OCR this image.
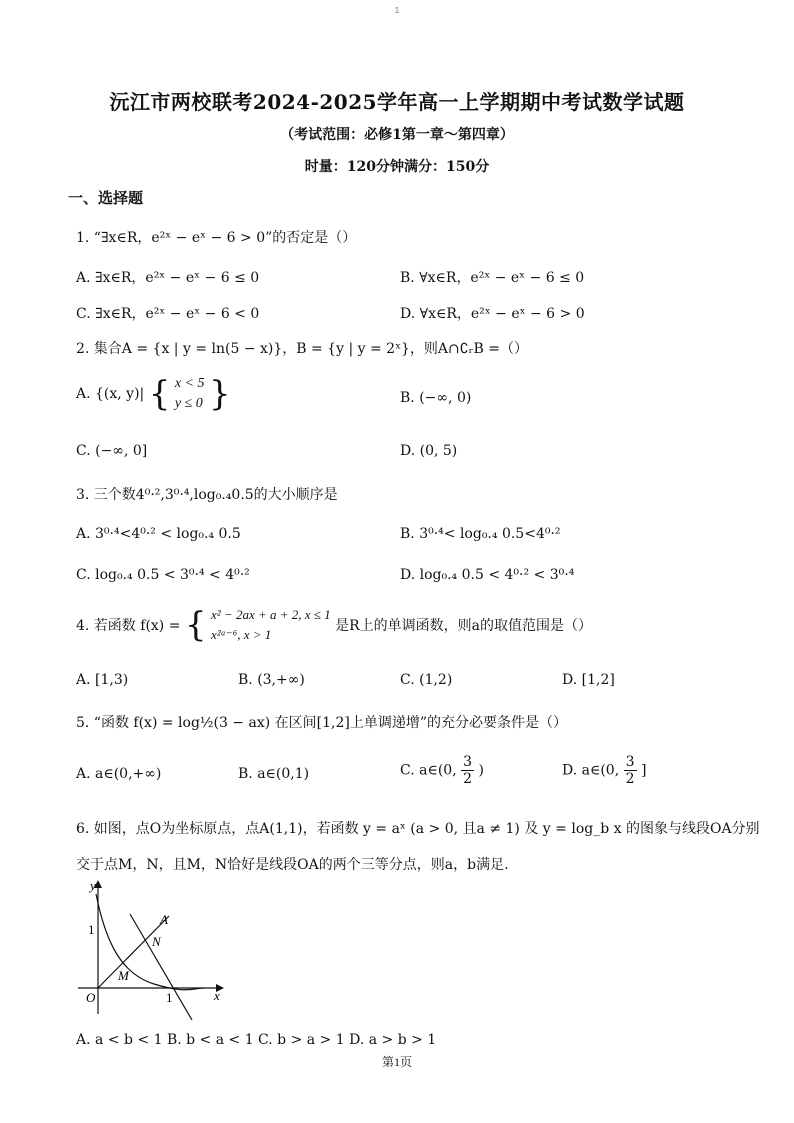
1
沅江市两校联考2024-2025学年高一上学期期中考试数学试题
（考试范围：必修1第一章～第四章）
时量：120分钟满分：150分
一、选择题
1. “∃x∈R，e²ˣ − eˣ − 6 > 0”的否定是（）
A. ∃x∈R，e²ˣ − eˣ − 6 ≤ 0	B. ∀x∈R，e²ˣ − eˣ − 6 ≤ 0
C. ∃x∈R，e²ˣ − eˣ − 6 < 0	D. ∀x∈R，e²ˣ − eˣ − 6 > 0
2. 集合A = {x | y = ln(5 − x)}，B = {y | y = 2ˣ}，则A∩∁ᵣB =（）
A. {(x, y)| { x < 5
y ≤ 0 }	B. (−∞, 0)
C. (−∞, 0]	D. (0, 5)
3. 三个数4⁰·²,3⁰·⁴,log₀.₄0.5的大小顺序是
A. 3⁰·⁴<4⁰·² < log₀.₄ 0.5	B. 3⁰·⁴< log₀.₄ 0.5<4⁰·²
C. log₀.₄ 0.5 < 3⁰·⁴ < 4⁰·²	D. log₀.₄ 0.5 < 4⁰·² < 3⁰·⁴
4. 若函数 f(x) = { x² − 2ax + a + 2, x ≤ 1
x²ᵃ⁻⁶, x > 1
是R上的单调函数，则a的取值范围是（）
A. [1,3)	B. (3,+∞)	C. (1,2)	D. [1,2]
5. “函数 f(x) = log½(3 − ax) 在区间[1,2]上单调递增”的充分必要条件是（）
A. a∈(0,+∞)	B. a∈(0,1)	C. a∈(0, $\frac{3}{2}$ )	D. a∈(0, $\frac{3}{2}$ ]
6. 如图，点O为坐标原点，点A(1,1)，若函数 y = aˣ (a > 0, 且a ≠ 1) 及 y = log_b x 的图象与线段OA分别
交于点M，N，且M，N恰好是线段OA的两个三等分点，则a，b满足.
y
x
O	1
1
A
N
M
A. a < b < 1 B. b < a < 1 C. b > a > 1 D. a > b > 1
第1页
